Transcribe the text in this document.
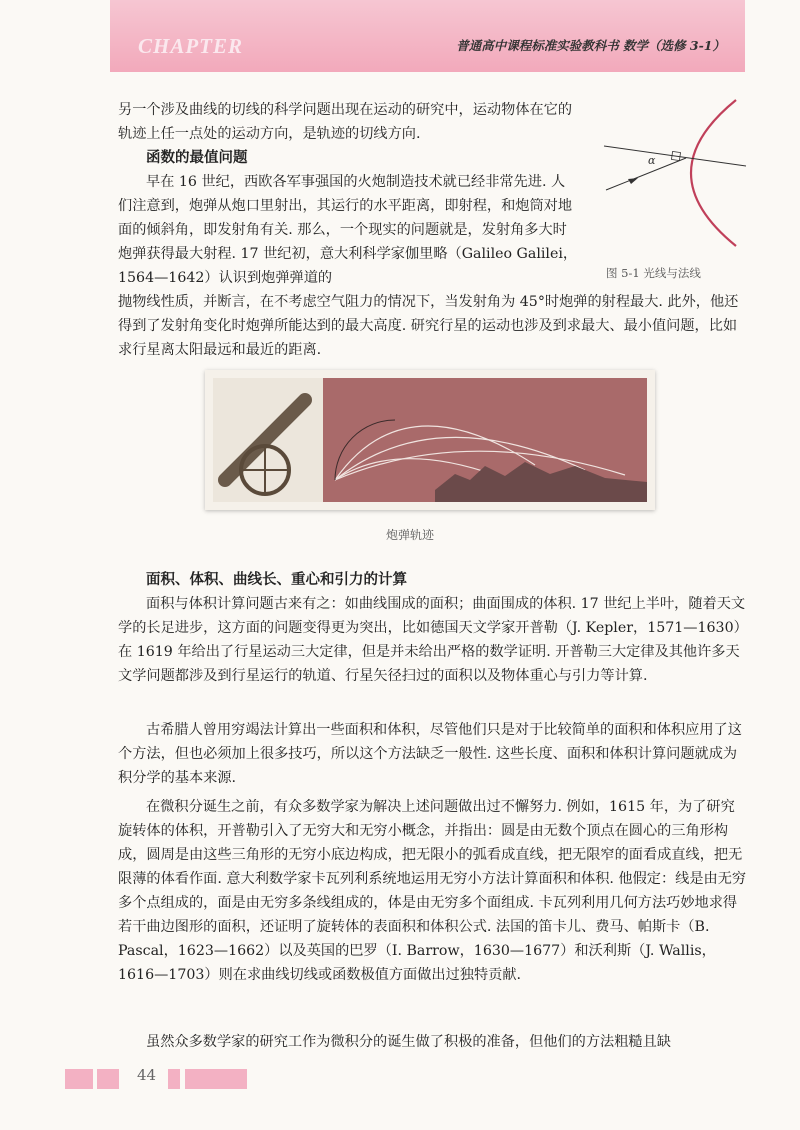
CHAPTER	普通高中课程标准实验教科书 数学（选修 3-1）

另一个涉及曲线的切线的科学问题出现在运动的研究中，运动物体在它的轨迹上任一点处的运动方向，是轨迹的切线方向.

函数的最值问题

早在 16 世纪，西欧各军事强国的火炮制造技术就已经非常先进. 人们注意到，炮弹从炮口里射出，其运行的水平距离，即射程，和炮筒对地面的倾斜角，即发射角有关. 那么，一个现实的问题就是，发射角多大时炮弹获得最大射程. 17 世纪初，意大利科学家伽里略（Galileo Galilei，1564—1642）认识到炮弹弹道的

抛物线性质，并断言，在不考虑空气阻力的情况下，当发射角为 45°时炮弹的射程最大. 此外，他还得到了发射角变化时炮弹所能达到的最大高度. 研究行星的运动也涉及到求最大、最小值问题，比如求行星离太阳最远和最近的距离.

α

图 5-1 光线与法线

炮弹轨迹

面积、体积、曲线长、重心和引力的计算

面积与体积计算问题古来有之：如曲线围成的面积；曲面围成的体积. 17 世纪上半叶，随着天文学的长足进步，这方面的问题变得更为突出，比如德国天文学家开普勒（J. Kepler，1571—1630）在 1619 年给出了行星运动三大定律，但是并未给出严格的数学证明. 开普勒三大定律及其他许多天文学问题都涉及到行星运行的轨道、行星矢径扫过的面积以及物体重心与引力等计算.

古希腊人曾用穷竭法计算出一些面积和体积，尽管他们只是对于比较简单的面积和体积应用了这个方法，但也必须加上很多技巧，所以这个方法缺乏一般性. 这些长度、面积和体积计算问题就成为积分学的基本来源.

在微积分诞生之前，有众多数学家为解决上述问题做出过不懈努力. 例如，1615 年，为了研究旋转体的体积，开普勒引入了无穷大和无穷小概念，并指出：圆是由无数个顶点在圆心的三角形构成，圆周是由这些三角形的无穷小底边构成，把无限小的弧看成直线，把无限窄的面看成直线，把无限薄的体看作面. 意大利数学家卡瓦列利系统地运用无穷小方法计算面积和体积. 他假定：线是由无穷多个点组成的，面是由无穷多条线组成的，体是由无穷多个面组成. 卡瓦列利用几何方法巧妙地求得若干曲边图形的面积，还证明了旋转体的表面积和体积公式. 法国的笛卡儿、费马、帕斯卡（B. Pascal，1623—1662）以及英国的巴罗（I. Barrow，1630—1677）和沃利斯（J. Wallis，1616—1703）则在求曲线切线或函数极值方面做出过独特贡献.

虽然众多数学家的研究工作为微积分的诞生做了积极的准备，但他们的方法粗糙且缺

44
